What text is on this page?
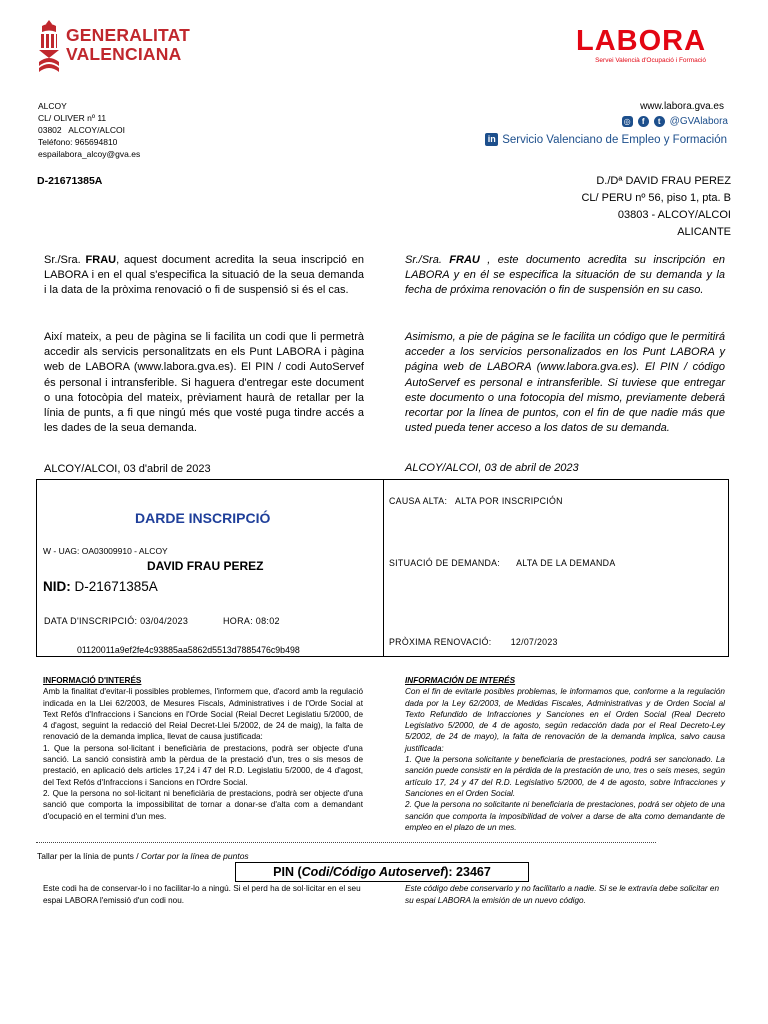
GENERALITAT
VALENCIANA	LABORA
Servei Valencià d'Ocupació i Formació
ALCOY
CL/ OLIVER nº 11
03802   ALCOY/ALCOI
Teléfono: 965694810
espailabora_alcoy@gva.es
www.labora.gva.es
◎	f	t @GVAlabora
in Servicio Valenciano de Empleo y Formación
D-21671385A	D./Dª DAVID FRAU PEREZ
CL/ PERU nº 56, piso 1, pta. B
03803 - ALCOY/ALCOI
ALICANTE
Sr./Sra. FRAU, aquest document acredita la seua inscripció en LABORA i en el qual s'especifica la situació de la seua demanda i la data de la pròxima renovació o fi de suspensió si és el cas.
Així mateix, a peu de pàgina se li facilita un codi que li permetrà accedir als servicis personalitzats en els Punt LABORA i pàgina web de LABORA (www.labora.gva.es). El PIN / codi AutoServef és personal i intransferible. Si haguera d'entregar este document o una fotocòpia del mateix, prèviament haurà de retallar per la línia de punts, a fi que ningú més que vosté puga tindre accés a les dades de la seua demanda.
ALCOY/ALCOI, 03 d'abril de 2023
Sr./Sra. FRAU , este documento acredita su inscripción en LABORA y en él se especifica la situación de su demanda y la fecha de próxima renovación o fin de suspensión en su caso.
Asimismo, a pie de página se le facilita un código que le permitirá acceder a los servicios personalizados en los Punt LABORA y página web de LABORA (www.labora.gva.es). El PIN / código AutoServef es personal e intransferible. Si tuviese que entregar este documento o una fotocopia del mismo, previamente deberá recortar por la línea de puntos, con el fin de que nadie más que usted pueda tener acceso a los datos de su demanda.
ALCOY/ALCOI, 03 de abril de 2023
DARDE INSCRIPCIÓ
W - UAG: OA03009910 - ALCOY
DAVID FRAU PEREZ
NID: D-21671385A
DATA D'INSCRIPCIÓ: 03/04/2023	HORA: 08:02
01120011a9ef2fe4c93885aa5862d5513d7885476c9b498
CAUSA ALTA:   ALTA POR INSCRIPCIÓN
SITUACIÓ DE DEMANDA:      ALTA DE LA DEMANDA
PRÒXIMA RENOVACIÓ:       12/07/2023
INFORMACIÓ D'INTERÉS
Amb la finalitat d'evitar-li possibles problemes, l'informem que, d'acord amb la regulació indicada en la Llei 62/2003, de Mesures Fiscals, Administratives i de l'Orde Social at Text Refós d'Infraccions i Sancions en l'Orde Social (Reial Decret Legislatiu 5/2000, de 4 d'agost, seguint la redacció del Reial Decret-Llei 5/2002, de 24 de maig), la falta de renovació de la demanda implica, llevat de causa justificada:
1. Que la persona sol·licitant i beneficiària de prestacions, podrà ser objecte d'una sanció. La sanció consistirà amb la pèrdua de la prestació d'un, tres o sis mesos de prestació, en aplicació dels articles 17,24 i 47 del R.D. Legislatiu 5/2000, de 4 d'agost, del Text Refós d'Infraccions i Sancions en l'Ordre Social.
2. Que la persona no sol·licitant ni beneficiària de prestacions, podrà ser objecte d'una sanció que comporta la impossibilitat de tornar a donar-se d'alta com a demandant d'ocupació en el termini d'un mes.
INFORMACIÓN DE INTERÉS
Con el fin de evitarle posibles problemas, le informamos que, conforme a la regulación dada por la Ley 62/2003, de Medidas Fiscales, Administrativas y de Orden Social al Texto Refundido de Infracciones y Sanciones en el Orden Social (Real Decreto Legislativo 5/2000, de 4 de agosto, según redacción dada por el Real Decreto-Ley 5/2002, de 24 de mayo), la falta de renovación de la demanda implica, salvo causa justificada:
1. Que la persona solicitante y beneficiaria de prestaciones, podrá ser sancionado. La sanción puede consistir en la pérdida de la prestación de uno, tres o seis meses, según artículo 17, 24 y 47 del R.D. Legislativo 5/2000, de 4 de agosto, sobre Infracciones y Sanciones en el Orden Social.
2. Que la persona no solicitante ni beneficiaria de prestaciones, podrá ser objeto de una sanción que comporta la imposibilidad de volver a darse de alta como demandante de empleo en el plazo de un mes.
Tallar per la línia de punts / Cortar por la línea de puntos
PIN (Codi/Código Autoservef): 23467
Este codi ha de conservar-lo i no facilitar-lo a ningú. Si el perd ha de sol·licitar en el seu espai LABORA l'emissió d'un codi nou.
Este código debe conservarlo y no facilitarlo a nadie. Si se le extravía debe solicitar en su espai LABORA la emisión de un nuevo código.
